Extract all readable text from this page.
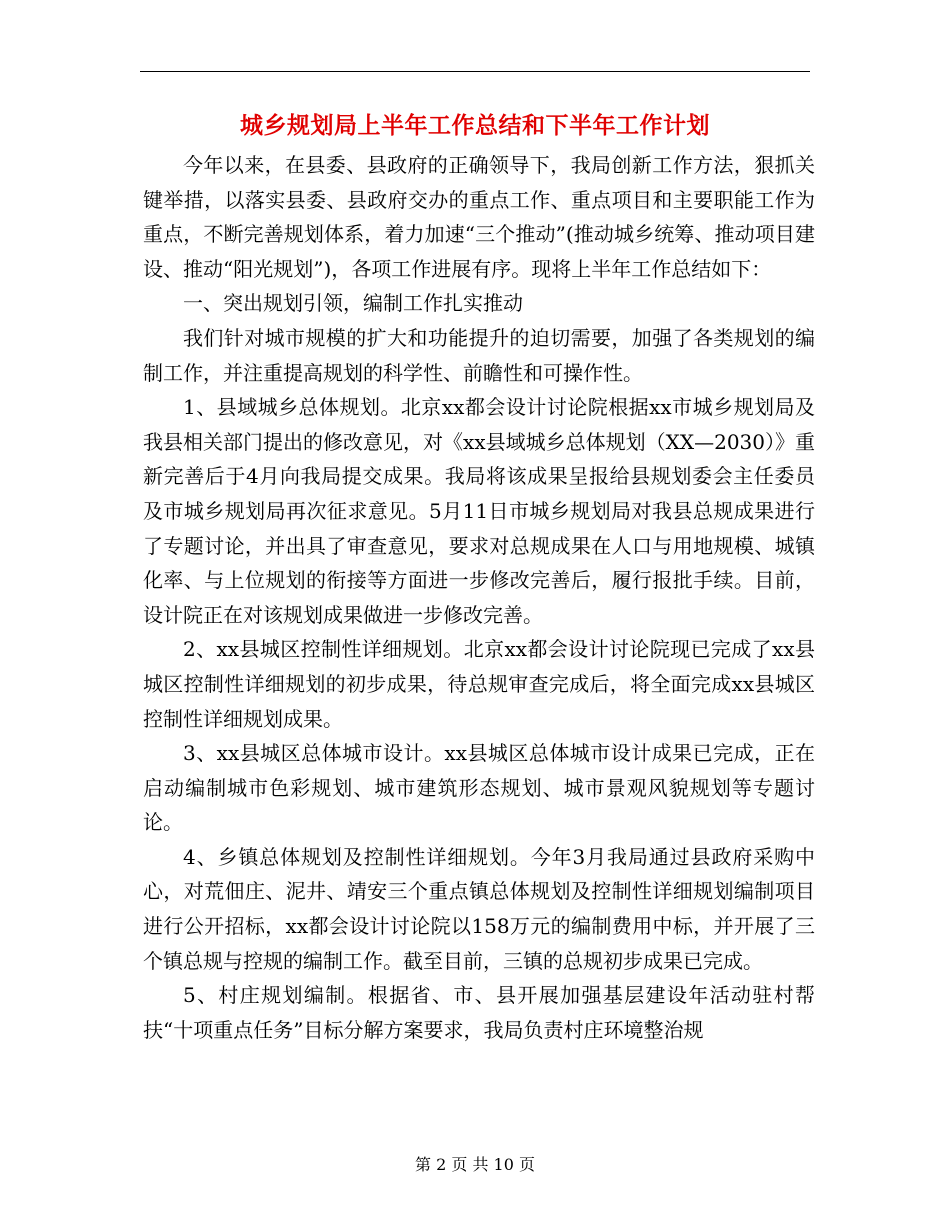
城乡规划局上半年工作总结和下半年工作计划

今年以来，在县委、县政府的正确领导下，我局创新工作方法，狠抓关键举措，以落实县委、县政府交办的重点工作、重点项目和主要职能工作为重点，不断完善规划体系，着力加速“三个推动”(推动城乡统筹、推动项目建设、推动“阳光规划”)，各项工作进展有序。现将上半年工作总结如下：

一、突出规划引领，编制工作扎实推动

我们针对城市规模的扩大和功能提升的迫切需要，加强了各类规划的编制工作，并注重提高规划的科学性、前瞻性和可操作性。

1、县域城乡总体规划。北京xx都会设计讨论院根据xx市城乡规划局及我县相关部门提出的修改意见，对《xx县域城乡总体规划（XX—2030）》重新完善后于4月向我局提交成果。我局将该成果呈报给县规划委会主任委员及市城乡规划局再次征求意见。5月11日市城乡规划局对我县总规成果进行了专题讨论，并出具了审查意见，要求对总规成果在人口与用地规模、城镇化率、与上位规划的衔接等方面进一步修改完善后，履行报批手续。目前，设计院正在对该规划成果做进一步修改完善。

2、xx县城区控制性详细规划。北京xx都会设计讨论院现已完成了xx县城区控制性详细规划的初步成果，待总规审查完成后，将全面完成xx县城区控制性详细规划成果。

3、xx县城区总体城市设计。xx县城区总体城市设计成果已完成，正在启动编制城市色彩规划、城市建筑形态规划、城市景观风貌规划等专题讨论。

4、乡镇总体规划及控制性详细规划。今年3月我局通过县政府采购中心，对荒佃庄、泥井、靖安三个重点镇总体规划及控制性详细规划编制项目进行公开招标，xx都会设计讨论院以158万元的编制费用中标，并开展了三个镇总规与控规的编制工作。截至目前，三镇的总规初步成果已完成。

5、村庄规划编制。根据省、市、县开展加强基层建设年活动驻村帮扶“十项重点任务”目标分解方案要求，我局负责村庄环境整治规

第 2 页 共 10 页
